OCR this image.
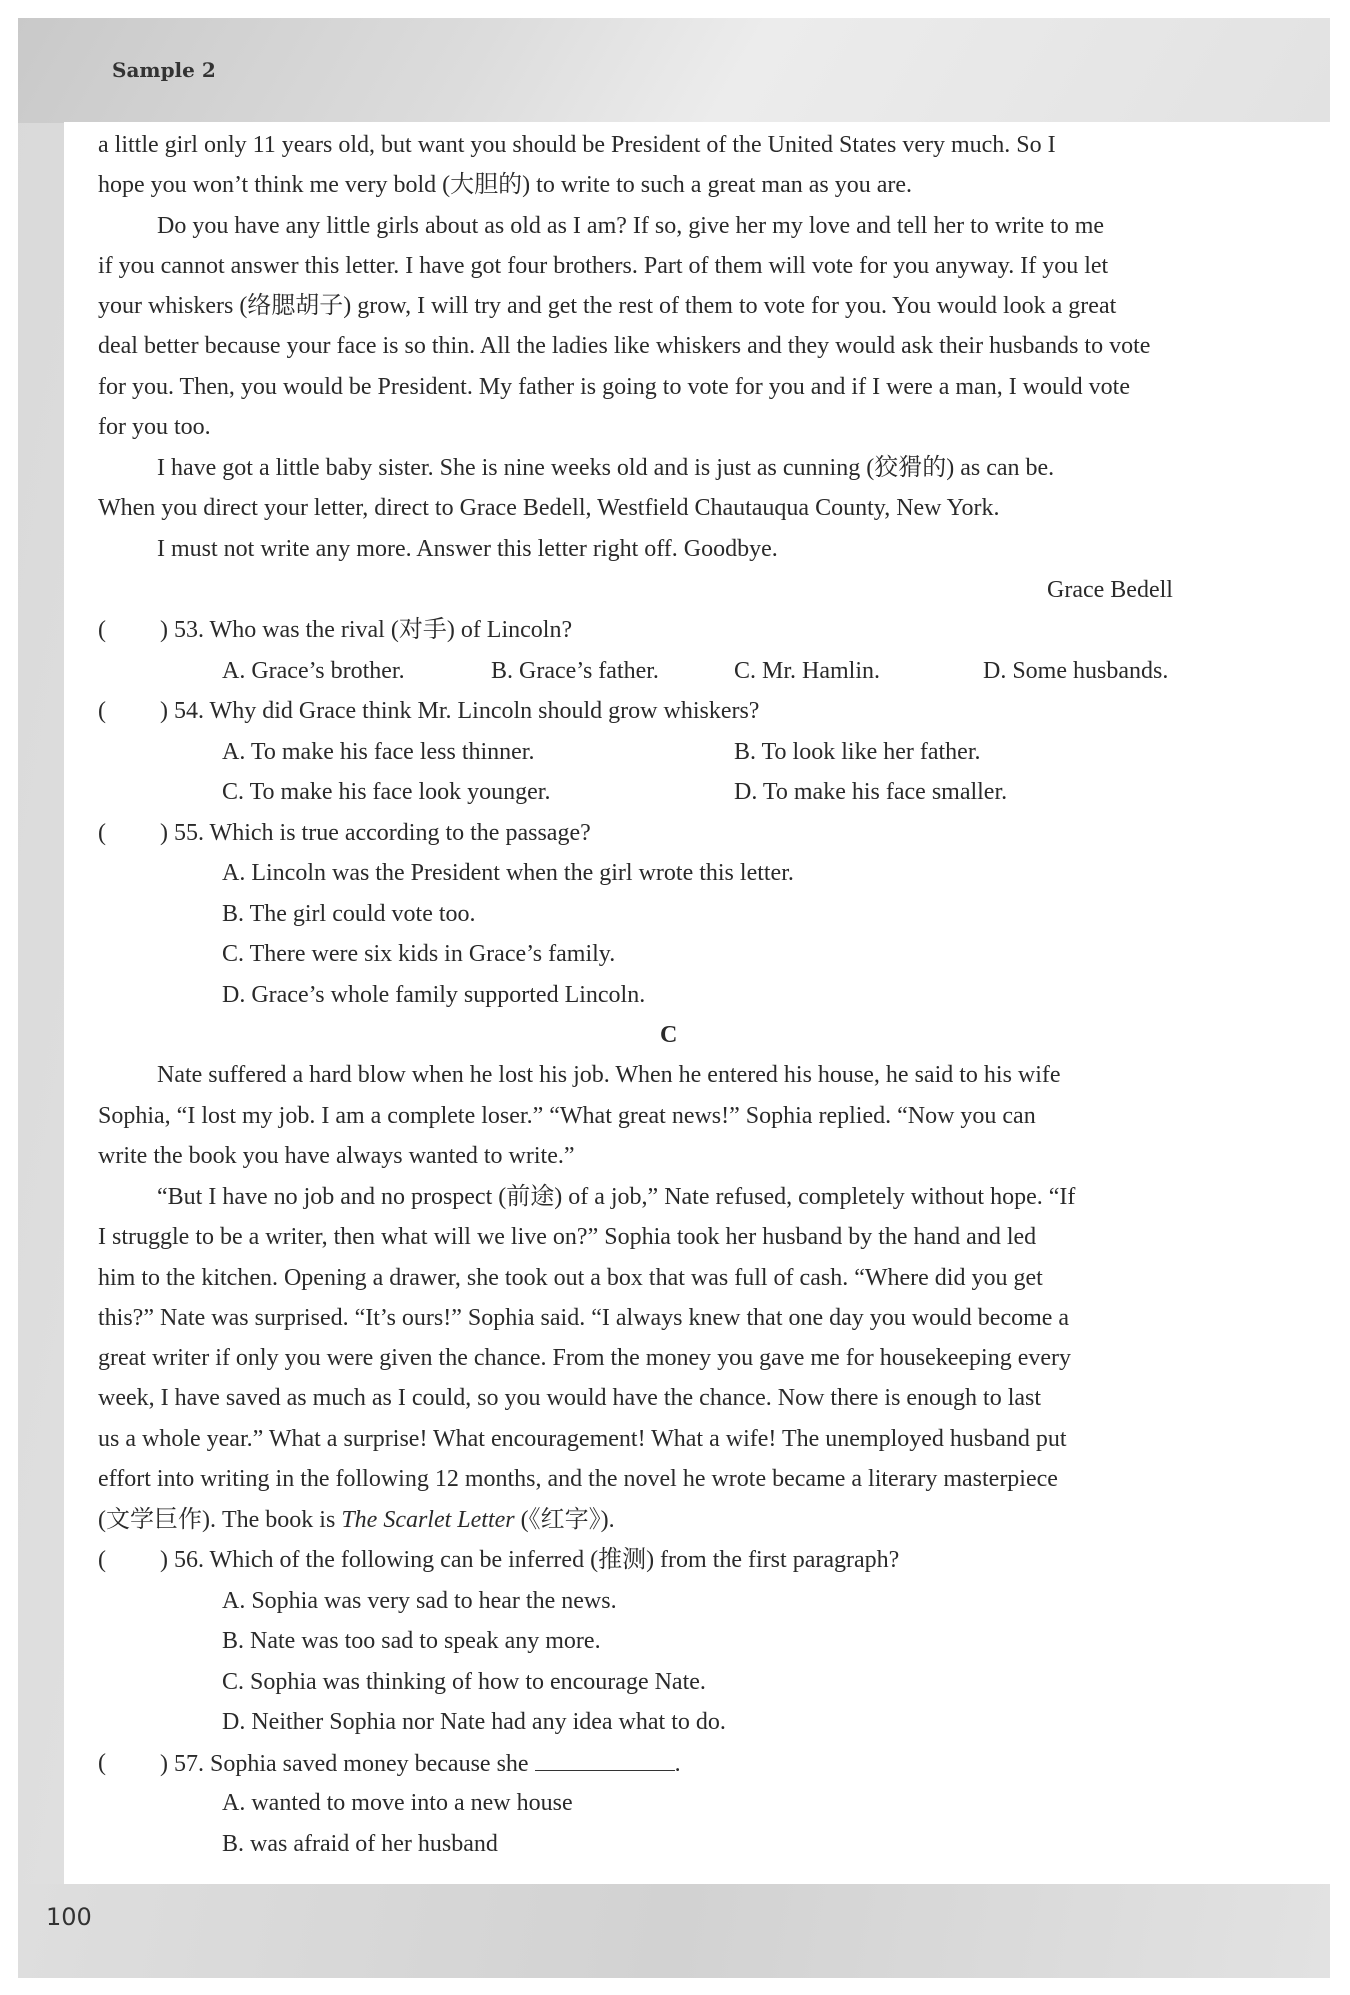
Sample 2
100

a little girl only 11 years old, but want you should be President of the United States very much. So I

hope you won’t think me very bold (大胆的) to write to such a great man as you are.

Do you have any little girls about as old as I am? If so, give her my love and tell her to write to me

if you cannot answer this letter. I have got four brothers. Part of them will vote for you anyway. If you let

your whiskers (络腮胡子) grow, I will try and get the rest of them to vote for you. You would look a great

deal better because your face is so thin. All the ladies like whiskers and they would ask their husbands to vote

for you. Then, you would be President. My father is going to vote for you and if I were a man, I would vote

for you too.

I have got a little baby sister. She is nine weeks old and is just as cunning (狡猾的) as can be.

When you direct your letter, direct to Grace Bedell, Westfield Chautauqua County, New York.

I must not write any more. Answer this letter right off. Goodbye.

Grace Bedell

( ) 53. Who was the rival (对手) of Lincoln?

A. Grace’s brother.	B. Grace’s father.	C. Mr. Hamlin.	D. Some husbands.

( ) 54. Why did Grace think Mr. Lincoln should grow whiskers?

A. To make his face less thinner.	B. To look like her father.

C. To make his face look younger.	D. To make his face smaller.

( ) 55. Which is true according to the passage?

A. Lincoln was the President when the girl wrote this letter.

B. The girl could vote too.

C. There were six kids in Grace’s family.

D. Grace’s whole family supported Lincoln.

C

Nate suffered a hard blow when he lost his job. When he entered his house, he said to his wife

Sophia, “I lost my job. I am a complete loser.” “What great news!” Sophia replied. “Now you can

write the book you have always wanted to write.”

“But I have no job and no prospect (前途) of a job,” Nate refused, completely without hope. “If

I struggle to be a writer, then what will we live on?” Sophia took her husband by the hand and led

him to the kitchen. Opening a drawer, she took out a box that was full of cash. “Where did you get

this?” Nate was surprised. “It’s ours!” Sophia said. “I always knew that one day you would become a

great writer if only you were given the chance. From the money you gave me for housekeeping every

week, I have saved as much as I could, so you would have the chance. Now there is enough to last

us a whole year.” What a surprise! What encouragement! What a wife! The unemployed husband put

effort into writing in the following 12 months, and the novel he wrote became a literary masterpiece

(文学巨作). The book is The Scarlet Letter (《红字》).

( ) 56. Which of the following can be inferred (推测) from the first paragraph?

A. Sophia was very sad to hear the news.

B. Nate was too sad to speak any more.

C. Sophia was thinking of how to encourage Nate.

D. Neither Sophia nor Nate had any idea what to do.

( ) 57. Sophia saved money because she	.

A. wanted to move into a new house

B. was afraid of her husband
